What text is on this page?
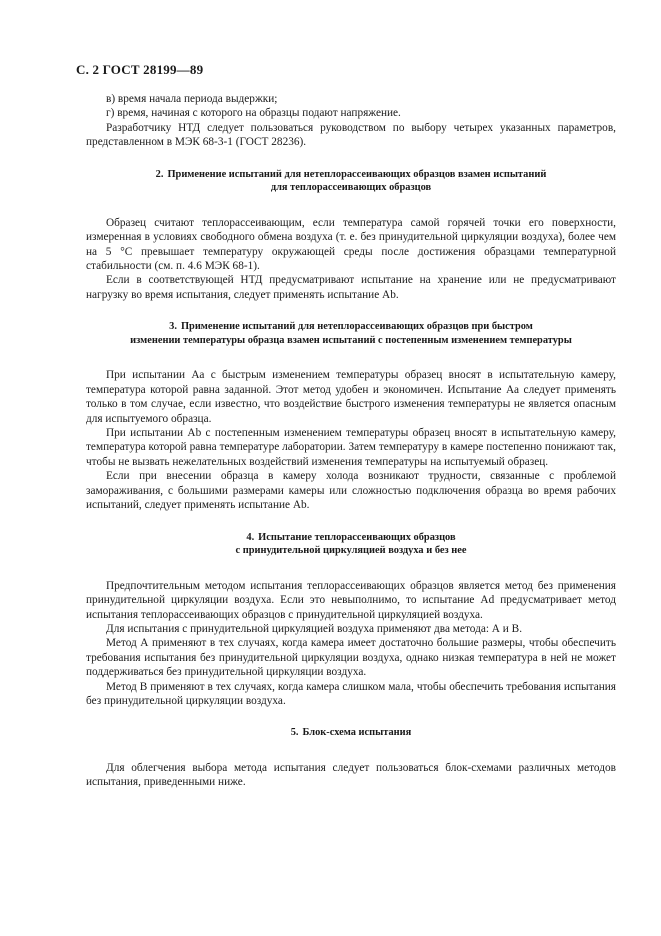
С. 2 ГОСТ 28199—89

в) время начала периода выдержки;

г) время, начиная с которого на образцы подают напряжение.

Разработчику НТД следует пользоваться руководством по выбору четырех указанных параметров, представленном в МЭК 68-3-1 (ГОСТ 28236).

2. Применение испытаний для нетеплорассеивающих образцов взамен испытаний
для теплорассеивающих образцов

Образец считают теплорассеивающим, если температура самой горячей точки его поверхности, измеренная в условиях свободного обмена воздуха (т. е. без принудительной циркуляции воздуха), более чем на 5 °С превышает температуру окружающей среды после достижения образцами температурной стабильности (см. п. 4.6 МЭК 68-1).

Если в соответствующей НТД предусматривают испытание на хранение или не предусматривают нагрузку во время испытания, следует применять испытание Аb.

3. Применение испытаний для нетеплорассеивающих образцов при быстром
изменении температуры образца взамен испытаний с постепенным изменением температуры

При испытании Аа с быстрым изменением температуры образец вносят в испытательную камеру, температура которой равна заданной. Этот метод удобен и экономичен. Испытание Аа следует применять только в том случае, если известно, что воздействие быстрого изменения температуры не является опасным для испытуемого образца.

При испытании Аb с постепенным изменением температуры образец вносят в испытательную камеру, температура которой равна температуре лаборатории. Затем температуру в камере постепенно понижают так, чтобы не вызвать нежелательных воздействий изменения температуры на испытуемый образец.

Если при внесении образца в камеру холода возникают трудности, связанные с проблемой замораживания, с большими размерами камеры или сложностью подключения образца во время рабочих испытаний, следует применять испытание Аb.

4. Испытание теплорассеивающих образцов
с принудительной циркуляцией воздуха и без нее

Предпочтительным методом испытания теплорассеивающих образцов является метод без применения принудительной циркуляции воздуха. Если это невыполнимо, то испытание Аd предусматривает метод испытания теплорассеивающих образцов с принудительной циркуляцией воздуха.

Для испытания с принудительной циркуляцией воздуха применяют два метода: А и В.

Метод А применяют в тех случаях, когда камера имеет достаточно большие размеры, чтобы обеспечить требования испытания без принудительной циркуляции воздуха, однако низкая температура в ней не может поддерживаться без принудительной циркуляции воздуха.

Метод В применяют в тех случаях, когда камера слишком мала, чтобы обеспечить требования испытания без принудительной циркуляции воздуха.

5. Блок-схема испытания

Для облегчения выбора метода испытания следует пользоваться блок-схемами различных методов испытания, приведенными ниже.
